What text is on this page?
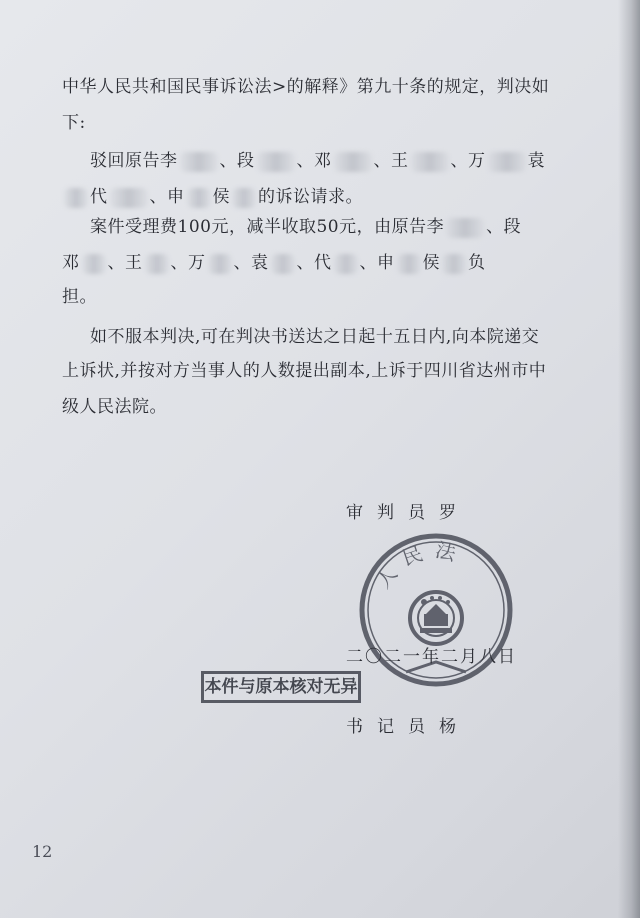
中华人民共和国民事诉讼法>的解释》第九十条的规定，判决如
下:
驳回原告李 、段 、邓 、王 、万 袁
代 、申 侯 的诉讼请求。
案件受理费100元，减半收取50元，由原告李 、段
邓 、王 、万 、袁 、代 、申 侯 负
担。
如不服本判决,可在判决书送达之日起十五日内,向本院递交
上诉状,并按对方当事人的人数提出副本,上诉于四川省达州市中
级人民法院。
审判员罗
人民法
二〇二一年二月八日
本件与原本核对无异
书记员杨
12
